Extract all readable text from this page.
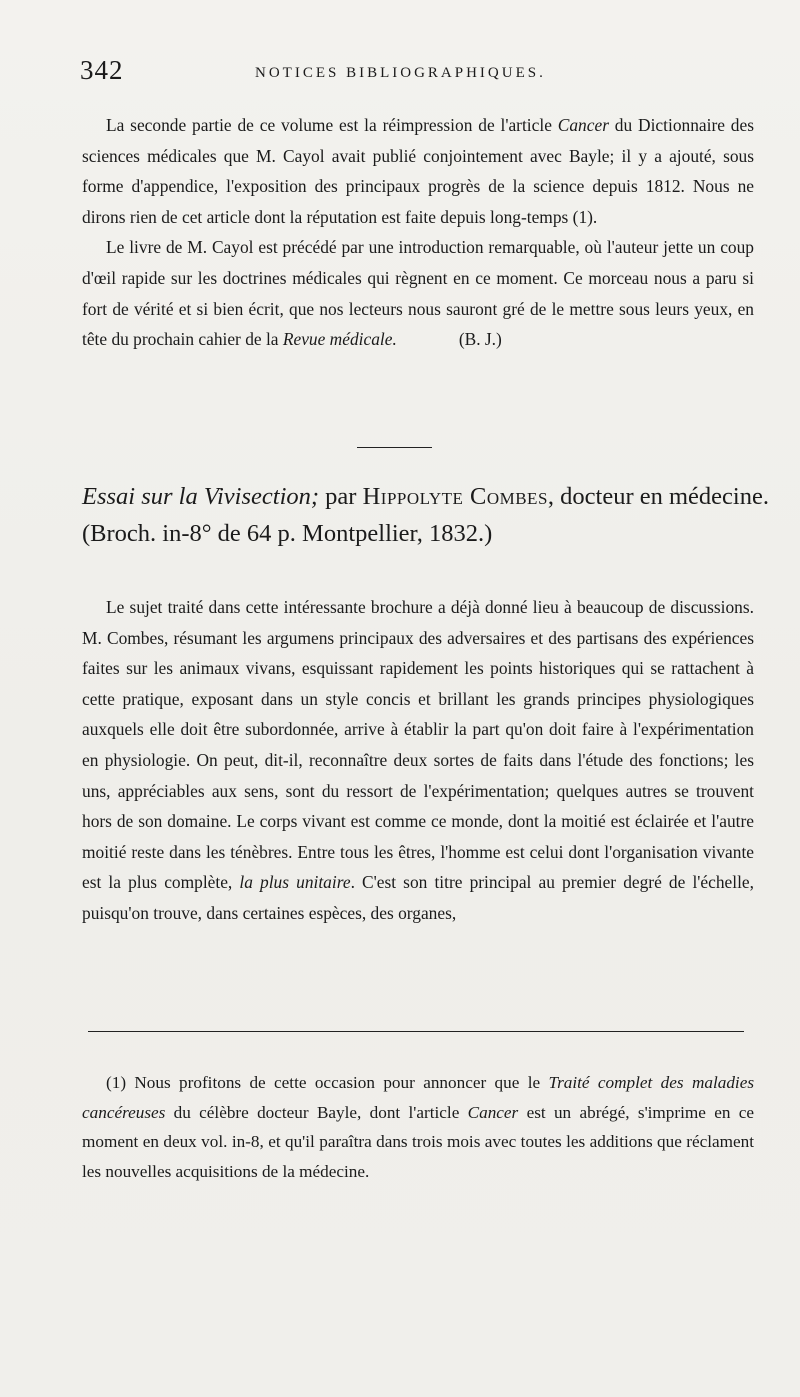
342	NOTICES BIBLIOGRAPHIQUES.

La seconde partie de ce volume est la réimpression de l'article Cancer du Dictionnaire des sciences médicales que M. Cayol avait publié conjointement avec Bayle; il y a ajouté, sous forme d'appendice, l'exposition des principaux progrès de la science depuis 1812. Nous ne dirons rien de cet article dont la réputation est faite depuis long-temps (1).

Le livre de M. Cayol est précédé par une introduction remarquable, où l'auteur jette un coup d'œil rapide sur les doctrines médicales qui règnent en ce moment. Ce morceau nous a paru si fort de vérité et si bien écrit, que nos lecteurs nous sauront gré de le mettre sous leurs yeux, en tête du prochain cahier de la Revue médicale.	(B. J.)

Essai sur la Vivisection; par Hippolyte Combes, docteur en médecine. (Broch. in-8° de 64 p. Montpellier, 1832.)

Le sujet traité dans cette intéressante brochure a déjà donné lieu à beaucoup de discussions. M. Combes, résumant les argumens principaux des adversaires et des partisans des expériences faites sur les animaux vivans, esquissant rapidement les points historiques qui se rattachent à cette pratique, exposant dans un style concis et brillant les grands principes physiologiques auxquels elle doit être subordonnée, arrive à établir la part qu'on doit faire à l'expérimentation en physiologie. On peut, dit-il, reconnaître deux sortes de faits dans l'étude des fonctions; les uns, appréciables aux sens, sont du ressort de l'expérimentation; quelques autres se trouvent hors de son domaine. Le corps vivant est comme ce monde, dont la moitié est éclairée et l'autre moitié reste dans les ténèbres. Entre tous les êtres, l'homme est celui dont l'organisation vivante est la plus complète, la plus unitaire. C'est son titre principal au premier degré de l'échelle, puisqu'on trouve, dans certaines espèces, des organes,

(1) Nous profitons de cette occasion pour annoncer que le Traité complet des maladies cancéreuses du célèbre docteur Bayle, dont l'article Cancer est un abrégé, s'imprime en ce moment en deux vol. in-8, et qu'il paraîtra dans trois mois avec toutes les additions que réclament les nouvelles acquisitions de la médecine.
